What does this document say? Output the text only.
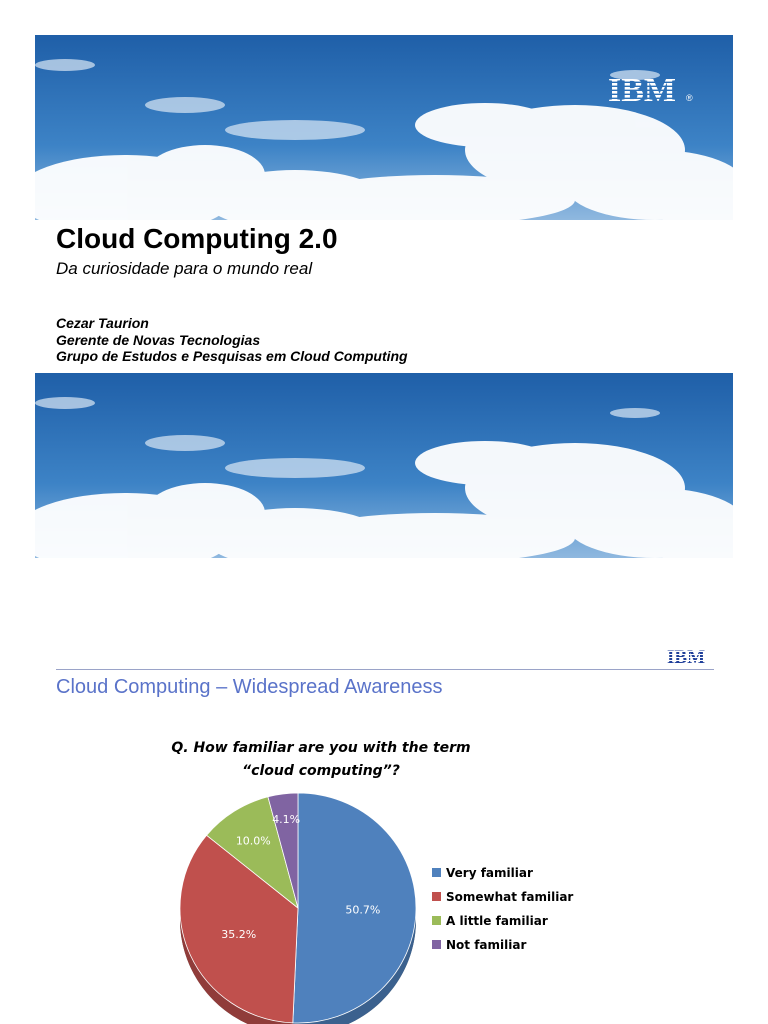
IBM ®
Cloud Computing 2.0
Da curiosidade para o mundo real
Cezar Taurion
Gerente de Novas Tecnologias
Grupo de Estudos e Pesquisas em Cloud Computing
IBM
Cloud Computing – Widespread Awareness
Q. How familiar are you with the term
“cloud computing”?
50.7%
35.2%
10.0%
4.1%
Very familiar
Somewhat familiar
A little familiar
Not familiar
